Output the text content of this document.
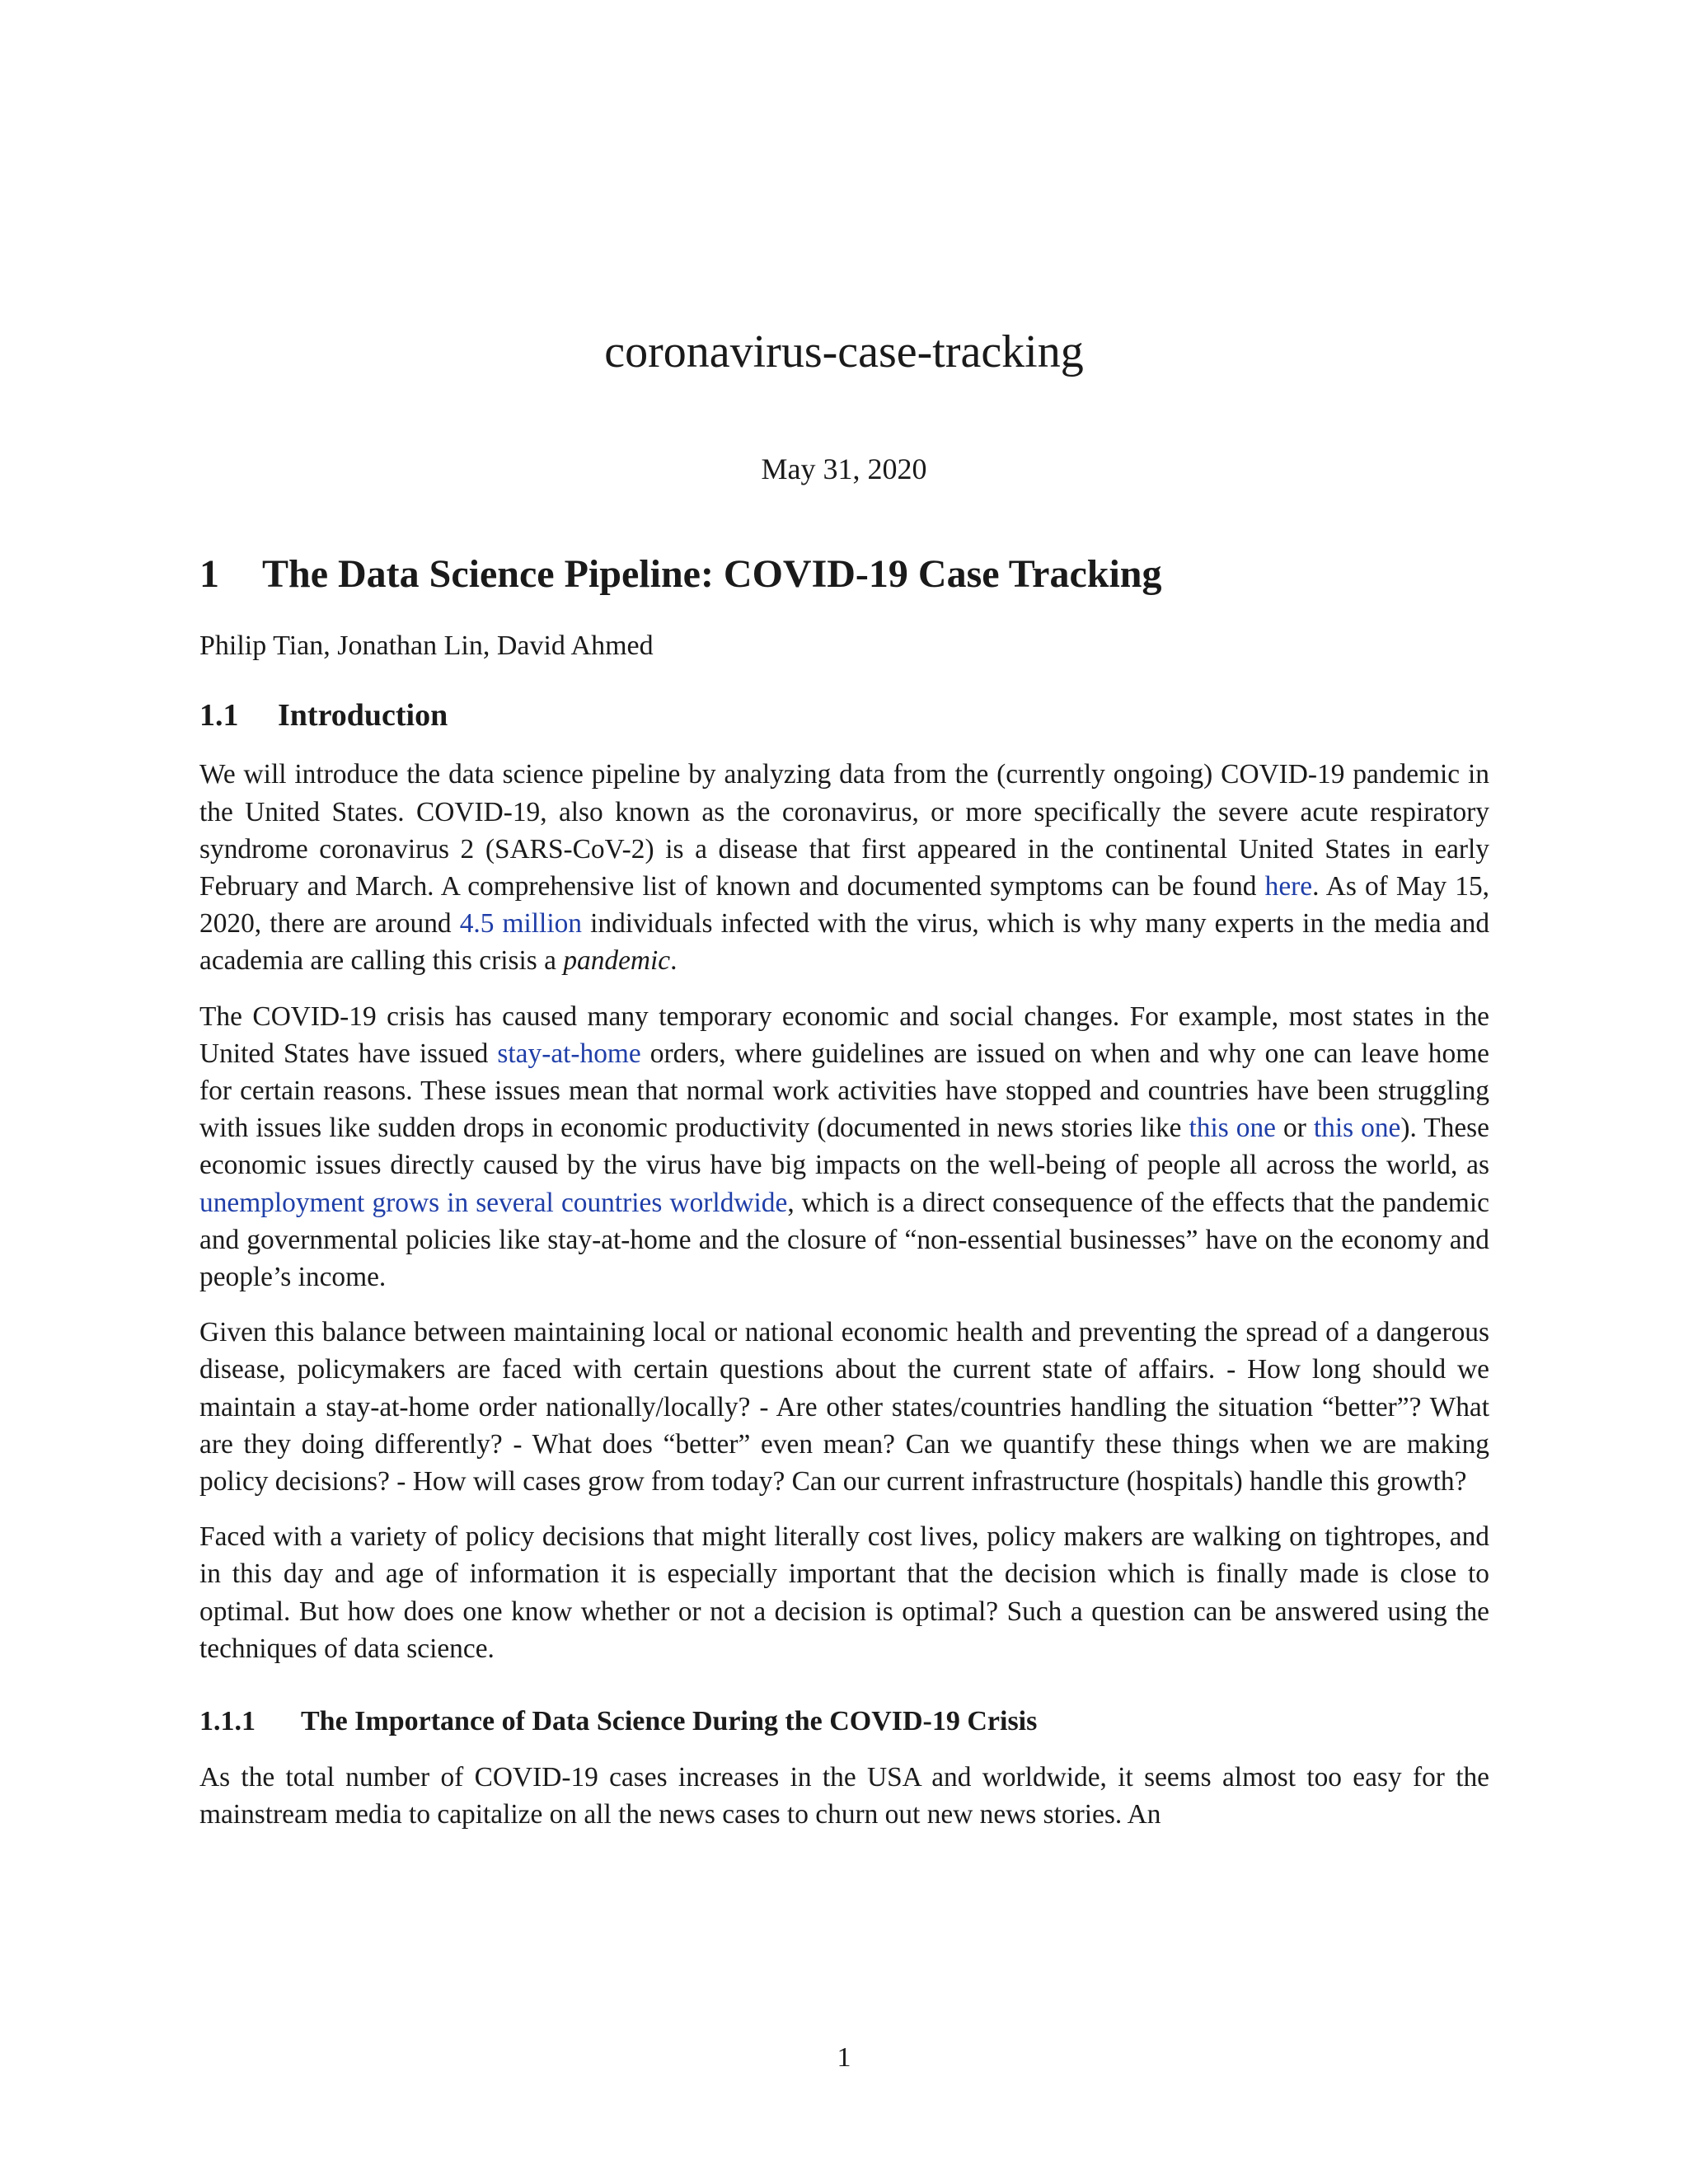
coronavirus-case-tracking
May 31, 2020
1 The Data Science Pipeline: COVID-19 Case Tracking
Philip Tian, Jonathan Lin, David Ahmed
1.1 Introduction

We will introduce the data science pipeline by analyzing data from the (currently ongoing) COVID-19 pandemic in the United States. COVID-19, also known as the coronavirus, or more specifically the severe acute respiratory syndrome coronavirus 2 (SARS-CoV-2) is a disease that first appeared in the continental United States in early February and March. A comprehensive list of known and documented symptoms can be found here. As of May 15, 2020, there are around 4.5 million individuals infected with the virus, which is why many experts in the media and academia are calling this crisis a pandemic.

The COVID-19 crisis has caused many temporary economic and social changes. For example, most states in the United States have issued stay-at-home orders, where guidelines are issued on when and why one can leave home for certain reasons. These issues mean that normal work activities have stopped and countries have been struggling with issues like sudden drops in economic productivity (documented in news stories like this one or this one). These economic issues directly caused by the virus have big impacts on the well-being of people all across the world, as unemployment grows in several countries worldwide, which is a direct consequence of the effects that the pandemic and governmental policies like stay-at-home and the closure of “non-essential businesses” have on the economy and people’s income.

Given this balance between maintaining local or national economic health and preventing the spread of a dangerous disease, policymakers are faced with certain questions about the current state of affairs. - How long should we maintain a stay-at-home order nationally/locally? - Are other states/countries handling the situation “better”? What are they doing differently? - What does “better” even mean? Can we quantify these things when we are making policy decisions? - How will cases grow from today? Can our current infrastructure (hospitals) handle this growth?

Faced with a variety of policy decisions that might literally cost lives, policy makers are walking on tightropes, and in this day and age of information it is especially important that the decision which is finally made is close to optimal. But how does one know whether or not a decision is optimal? Such a question can be answered using the techniques of data science.

1.1.1 The Importance of Data Science During the COVID-19 Crisis

As the total number of COVID-19 cases increases in the USA and worldwide, it seems almost too easy for the mainstream media to capitalize on all the news cases to churn out new news stories. An

1
